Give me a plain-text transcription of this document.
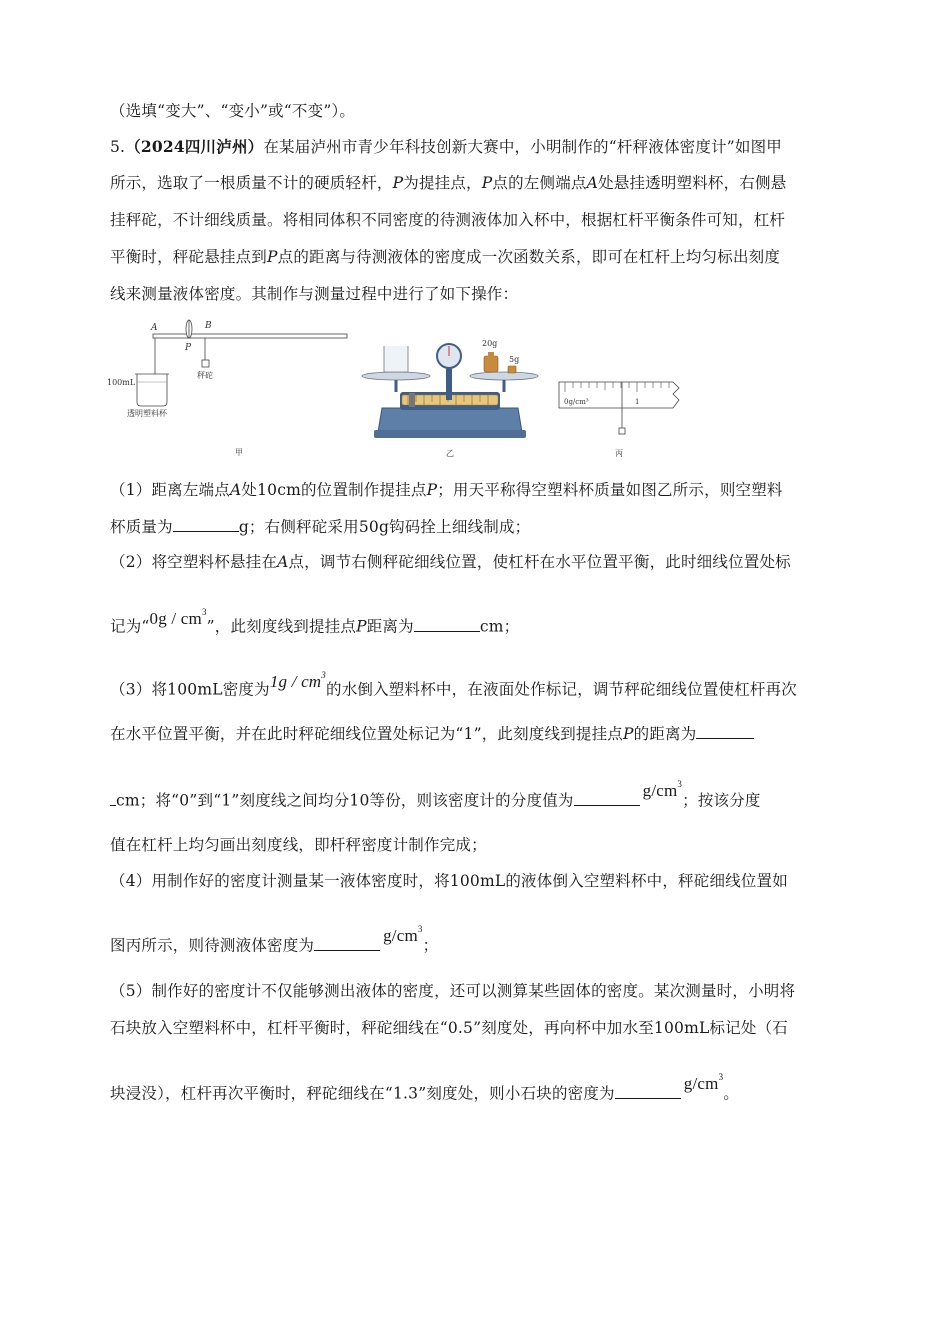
（选填“变大”、“变小”或“不变”）。
5.（2024四川泸州）在某届泸州市青少年科技创新大赛中，小明制作的“杆秤液体密度计”如图甲
所示，选取了一根质量不计的硬质轻杆，P为提挂点，P点的左侧端点A处悬挂透明塑料杯，右侧悬
挂秤砣，不计细线质量。将相同体积不同密度的待测液体加入杯中，根据杠杆平衡条件可知，杠杆
平衡时，秤砣悬挂点到P点的距离与待测液体的密度成一次函数关系，即可在杠杆上均匀标出刻度
线来测量液体密度。其制作与测量过程中进行了如下操作：
A	B
P
100mL
秤砣
透明塑料杯
甲
20g
5g
乙
0g/cm³	1
丙
（1）距离左端点A处10cm的位置制作提挂点P；用天平称得空塑料杯质量如图乙所示，则空塑料
杯质量为	g；右侧秤砣采用50g钩码拴上细线制成；
（2）将空塑料杯悬挂在A点，调节右侧秤砣细线位置，使杠杆在水平位置平衡，此时细线位置处标
记为“$0g / cm^3$”，此刻度线到提挂点P距离为	cm；
（3）将100mL密度为$1g / cm^3$的水倒入塑料杯中，在液面处作标记，调节秤砣细线位置使杠杆再次
在水平位置平衡，并在此时秤砣细线位置处标记为“1”，此刻度线到提挂点P的距离为
cm；将“0”到“1”刻度线之间均分10等份，则该密度计的分度值为$g/cm^3$；按该分度
值在杠杆上均匀画出刻度线，即杆秤密度计制作完成；
（4）用制作好的密度计测量某一液体密度时，将100mL的液体倒入空塑料杯中，秤砣细线位置如
图丙所示，则待测液体密度为$g/cm^3$；
（5）制作好的密度计不仅能够测出液体的密度，还可以测算某些固体的密度。某次测量时，小明将
石块放入空塑料杯中，杠杆平衡时，秤砣细线在“0.5”刻度处，再向杯中加水至100mL标记处（石
块浸没），杠杆再次平衡时，秤砣细线在“1.3”刻度处，则小石块的密度为$g/cm^3$。
